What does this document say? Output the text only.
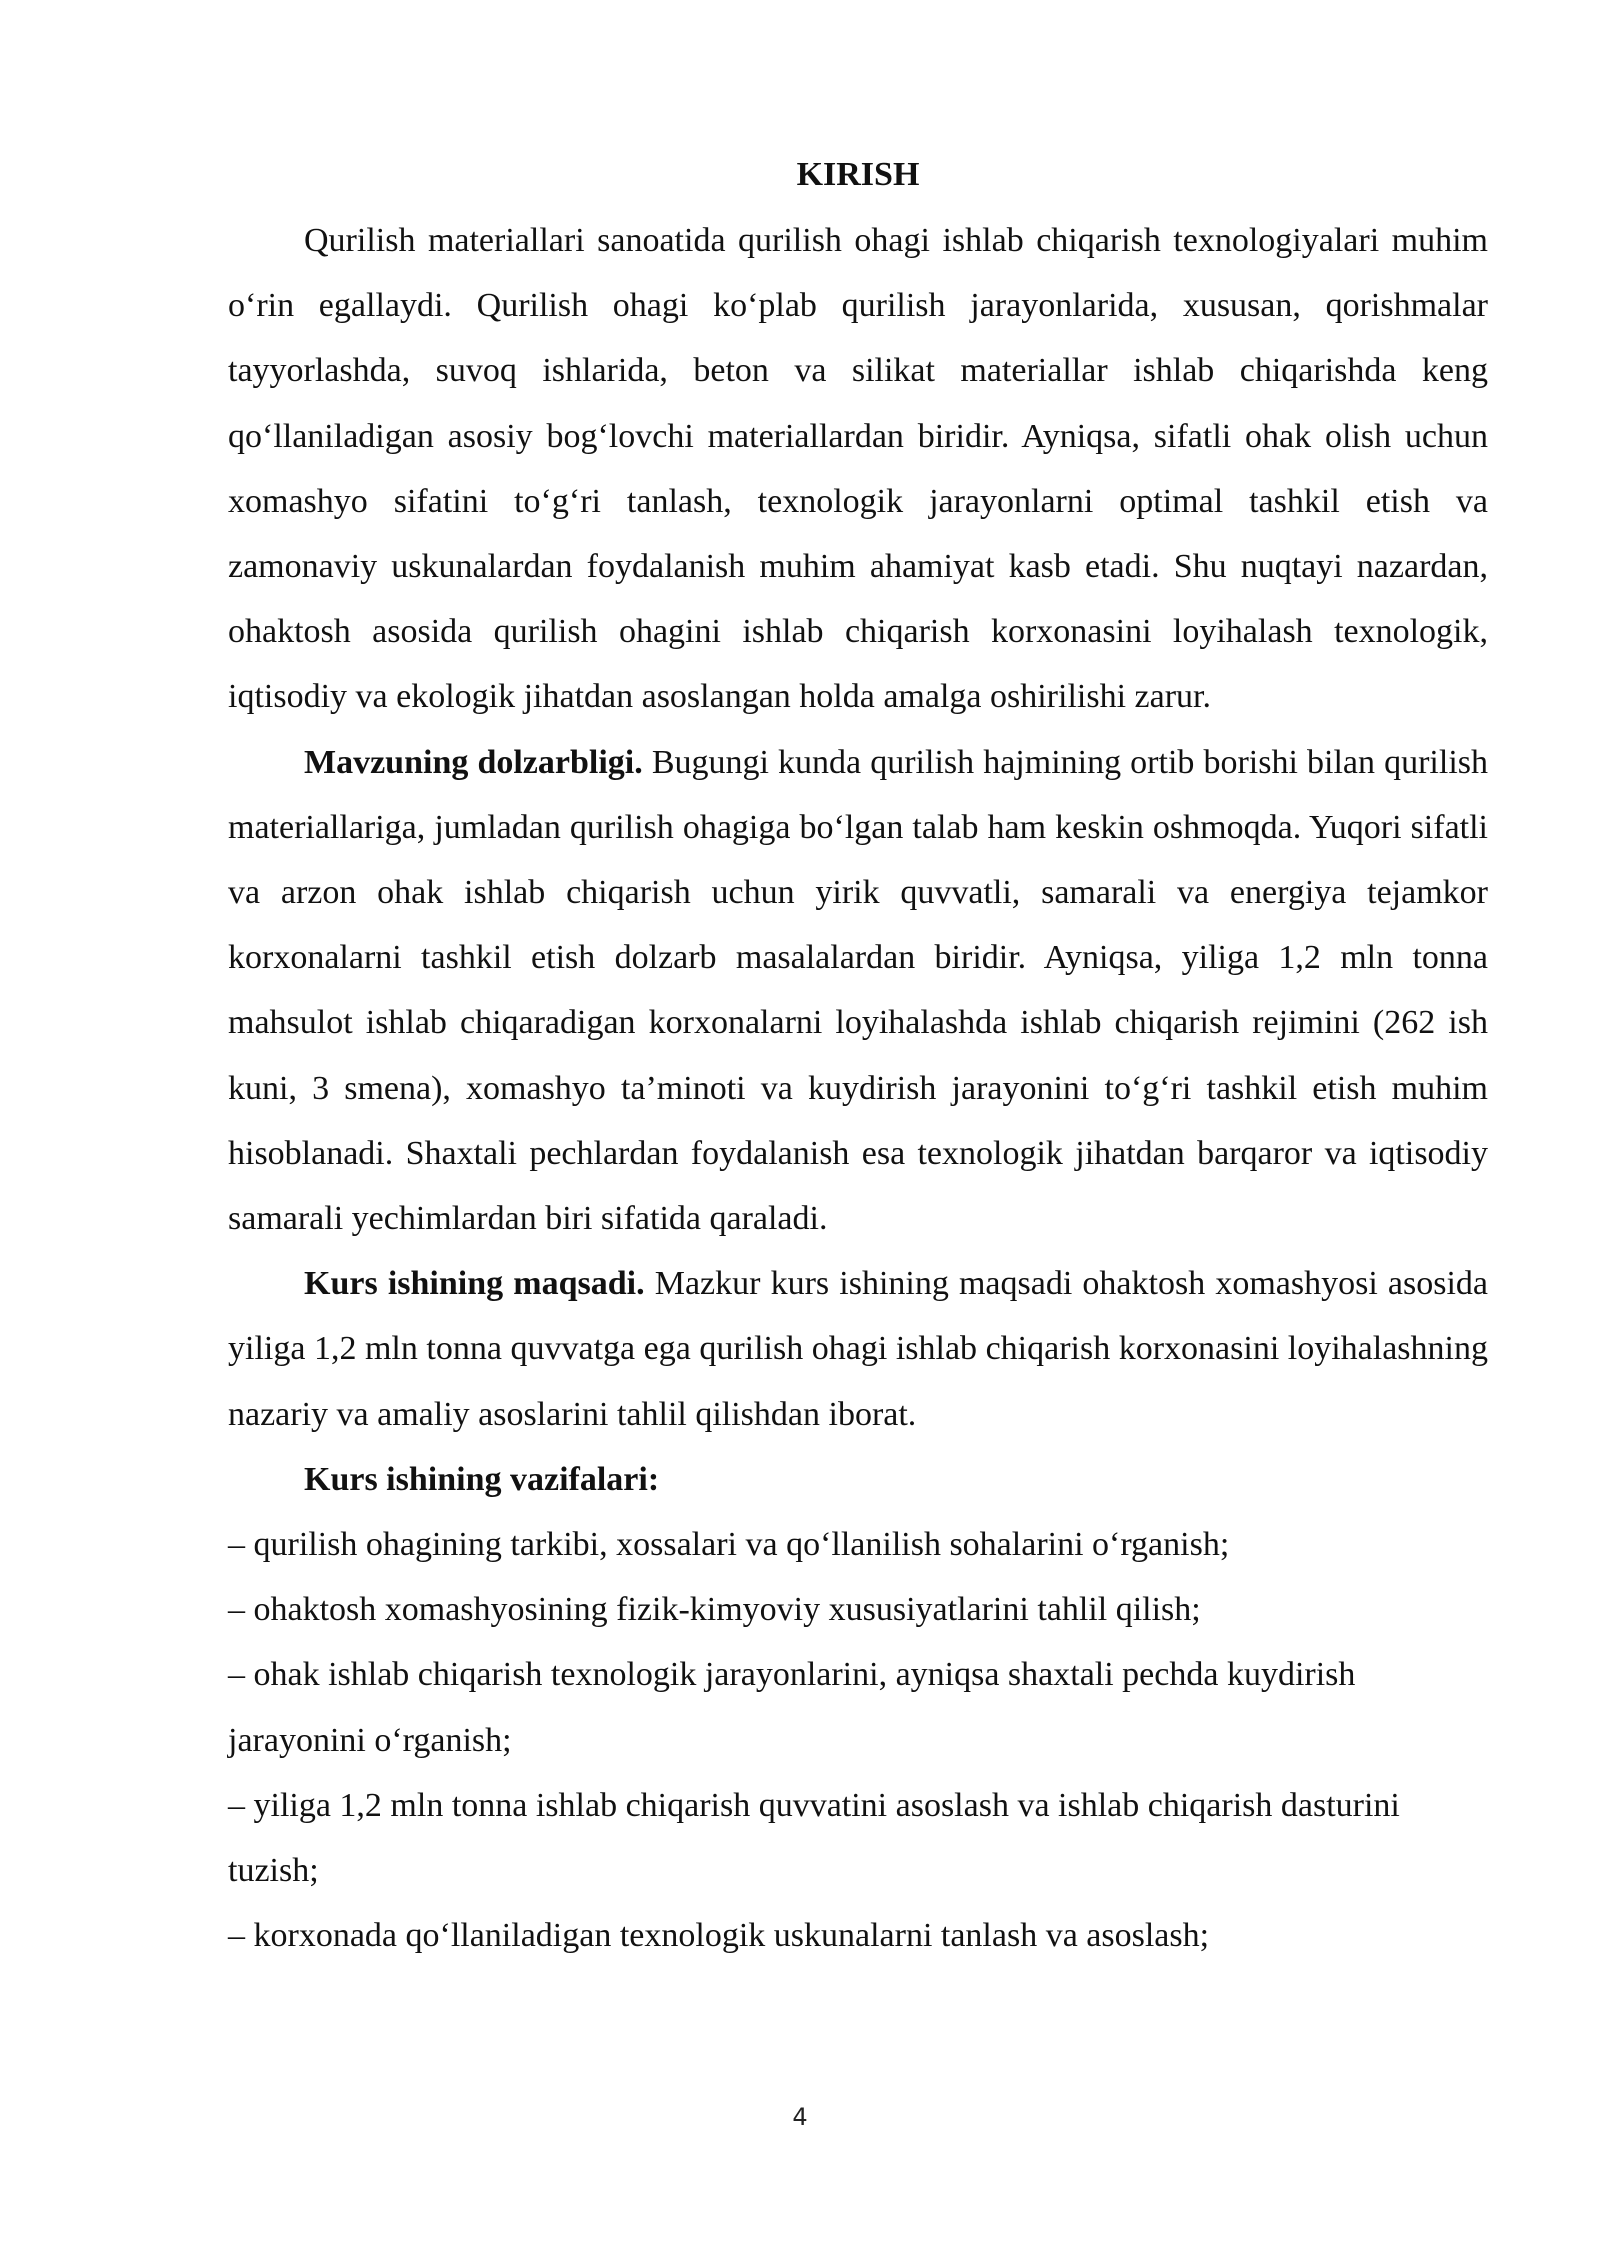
KIRISH

Qurilish materiallari sanoatida qurilish ohagi ishlab chiqarish texnologiyalari muhim o‘rin egallaydi. Qurilish ohagi ko‘plab qurilish jarayonlarida, xususan, qorishmalar tayyorlashda, suvoq ishlarida, beton va silikat materiallar ishlab chiqarishda keng qo‘llaniladigan asosiy bog‘lovchi materiallardan biridir. Ayniqsa, sifatli ohak olish uchun xomashyo sifatini to‘g‘ri tanlash, texnologik jarayonlarni optimal tashkil etish va zamonaviy uskunalardan foydalanish muhim ahamiyat kasb etadi. Shu nuqtayi nazardan, ohaktosh asosida qurilish ohagini ishlab chiqarish korxonasini loyihalash texnologik, iqtisodiy va ekologik jihatdan asoslangan holda amalga oshirilishi zarur.

Mavzuning dolzarbligi. Bugungi kunda qurilish hajmining ortib borishi bilan qurilish materiallariga, jumladan qurilish ohagiga bo‘lgan talab ham keskin oshmoqda. Yuqori sifatli va arzon ohak ishlab chiqarish uchun yirik quvvatli, samarali va energiya tejamkor korxonalarni tashkil etish dolzarb masalalardan biridir. Ayniqsa, yiliga 1,2 mln tonna mahsulot ishlab chiqaradigan korxonalarni loyihalashda ishlab chiqarish rejimini (262 ish kuni, 3 smena), xomashyo ta’minoti va kuydirish jarayonini to‘g‘ri tashkil etish muhim hisoblanadi. Shaxtali pechlardan foydalanish esa texnologik jihatdan barqaror va iqtisodiy samarali yechimlardan biri sifatida qaraladi.

Kurs ishining maqsadi. Mazkur kurs ishining maqsadi ohaktosh xomashyosi asosida yiliga 1,2 mln tonna quvvatga ega qurilish ohagi ishlab chiqarish korxonasini loyihalashning nazariy va amaliy asoslarini tahlil qilishdan iborat.

Kurs ishining vazifalari:

– qurilish ohagining tarkibi, xossalari va qo‘llanilish sohalarini o‘rganish;
– ohaktosh xomashyosining fizik-kimyoviy xususiyatlarini tahlil qilish;
– ohak ishlab chiqarish texnologik jarayonlarini, ayniqsa shaxtali pechda kuydirish jarayonini o‘rganish;
– yiliga 1,2 mln tonna ishlab chiqarish quvvatini asoslash va ishlab chiqarish dasturini tuzish;
– korxonada qo‘llaniladigan texnologik uskunalarni tanlash va asoslash;
4
